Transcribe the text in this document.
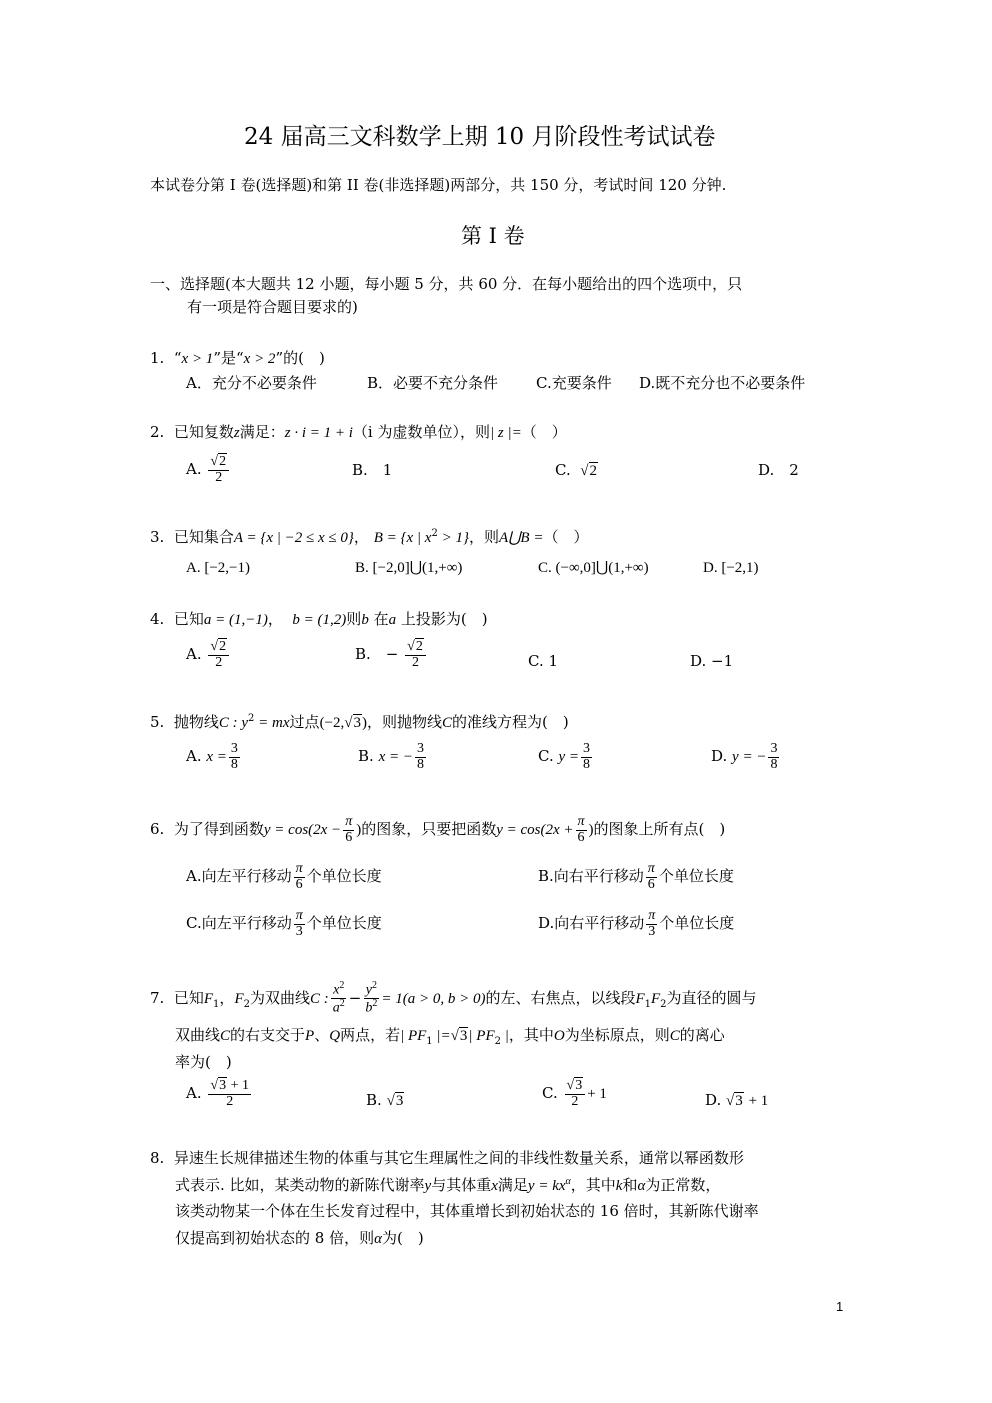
24 届高三文科数学上期 10 月阶段性考试试卷
本试卷分第 I 卷(选择题)和第 II 卷(非选择题)两部分，共 150 分，考试时间 120 分钟.
第 I 卷
一、选择题(本大题共 12 小题，每小题 5 分，共 60 分．在每小题给出的四个选项中，只
有一项是符合题目要求的)
1. “x > 1”是“x > 2”的(　)
A．充分不必要条件	B．必要不充分条件	C.充要条件 D.既不充分也不必要条件
2. 已知复数z满足：z · i = 1 + i（i 为虚数单位），则| z |=（　）
A. $\frac{√2}{2}$	B.　1	C. √2	D.　2
3. 已知集合A = {x | −2 ≤ x ≤ 0}， B = {x | $x^2 > 1$}，则A⋃B =（　）
A. [−2,−1)	B. [−2,0]⋃(1,+∞)	C. (−∞,0]⋃(1,+∞)	D. [−2,1)
4. 已知a = (1,−1)， b = (1,2)则b 在a 上投影为(　)
A. $\frac{√2}{2}$	B.　− $\frac{√2}{2}$	C. 1	D. −1
5. 抛物线C : $y^2$ = mx过点(−2,√3)，则抛物线C的准线方程为(　)
A. $x = \frac{3}{8}$	B. x = − $\frac{3}{8}$	C. $y = \frac{3}{8}$	D. y = − $\frac{3}{8}$
6. 为了得到函数$y = \cos(2x - \frac{\pi}{6}$ )的图象，只要把函数$y = \cos(2x + \frac{\pi}{6}$ )的图象上所有点(　)
A.向左平行移动 $\frac{\pi}{6}$ 个单位长度	B.向右平行移动 $\frac{\pi}{6}$ 个单位长度
C.向左平行移动 $\frac{\pi}{3}$ 个单位长度	D.向右平行移动 $\frac{\pi}{3}$ 个单位长度
7. 已知$F_1$，$F_2$为双曲线C : $\frac{x^2}{a^2} - \frac{y^2}{b^2} = 1(a > 0$, b > 0)的左、右焦点，以线段$F_1F_2$为直径的圆与
双曲线C的右支交于P、Q两点，若| $PF_1$ |=√3| $PF_2$ |，其中O为坐标原点，则C的离心
率为(　)
A. $\frac{√3 + 1}{2}$	B. √3	C. $\frac{√3}{2} + 1$	D. √3 + 1
8. 异速生长规律描述生物的体重与其它生理属性之间的非线性数量关系，通常以幂函数形
式表示. 比如，某类动物的新陈代谢率y与其体重x满足$y = kx^\alpha$，其中k和α为正常数，
该类动物某一个体在生长发育过程中，其体重增长到初始状态的 16 倍时，其新陈代谢率
仅提高到初始状态的 8 倍，则α为(　)
1
